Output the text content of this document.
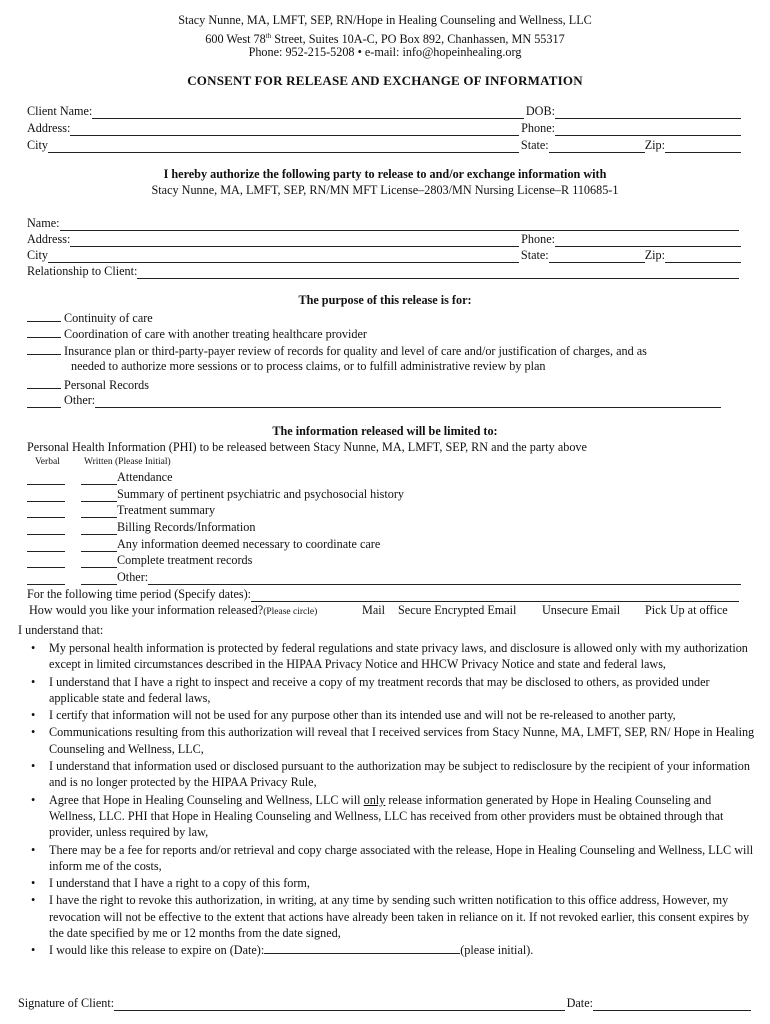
Stacy Nunne, MA, LMFT, SEP, RN/Hope in Healing Counseling and Wellness, LLC
600 West 78th Street, Suites 10A-C, PO Box 892, Chanhassen, MN 55317
Phone: 952-215-5208 • e-mail: info@hopeinhealing.org
CONSENT FOR RELEASE AND EXCHANGE OF INFORMATION
Client Name:	DOB:
Address:	Phone:
City	State:	Zip:
I hereby authorize the following party to release to and/or exchange information with
Stacy Nunne, MA, LMFT, SEP, RN/MN MFT License–2803/MN Nursing License–R 110685-1
Name:
Address:	Phone:
City	State:	Zip:
Relationship to Client:
The purpose of this release is for:
Continuity of care
Coordination of care with another treating healthcare provider
Insurance plan or third-party-payer review of records for quality and level of care and/or justification of charges, and as
needed to authorize more sessions or to process claims, or to fulfill administrative review by plan
Personal Records

Other:
The information released will be limited to:
Personal Health Information (PHI) to be released between Stacy Nunne, MA, LMFT, SEP, RN and the party above
Verbal	Written (Please Initial)
Attendance
Summary of pertinent psychiatric and psychosocial history
Treatment summary
Billing Records/Information
Any information deemed necessary to coordinate care
Complete treatment records
Other:
For the following time period (Specify dates):
How would you like your information released?(Please circle)	Mail Secure Encrypted Email Unsecure Email Pick Up at office
I understand that:
• My personal health information is protected by federal regulations and state privacy laws, and disclosure is allowed only with my authorization except in limited circumstances described in the HIPAA Privacy Notice and HHCW Privacy Notice and state and federal laws,
• I understand that I have a right to inspect and receive a copy of my treatment records that may be disclosed to others, as provided under applicable state and federal laws,
• I certify that information will not be used for any purpose other than its intended use and will not be re-released to another party,
• Communications resulting from this authorization will reveal that I received services from Stacy Nunne, MA, LMFT, SEP, RN/ Hope in Healing Counseling and Wellness, LLC,
• I understand that information used or disclosed pursuant to the authorization may be subject to redisclosure by the recipient of your information and is no longer protected by the HIPAA Privacy Rule,
• Agree that Hope in Healing Counseling and Wellness, LLC will only release information generated by Hope in Healing Counseling and Wellness, LLC. PHI that Hope in Healing Counseling and Wellness, LLC has received from other providers must be obtained through that provider, unless required by law,
• There may be a fee for reports and/or retrieval and copy charge associated with the release, Hope in Healing Counseling and Wellness, LLC will inform me of the costs,
• I understand that I have a right to a copy of this form,
• I have the right to revoke this authorization, in writing, at any time by sending such written notification to this office address, However, my revocation will not be effective to the extent that actions have already been taken in reliance on it. If not revoked earlier, this consent expires by the date specified by me or 12 months from the date signed,
• I would like this release to expire on (Date):	(please initial).
Signature of Client:	Date:
